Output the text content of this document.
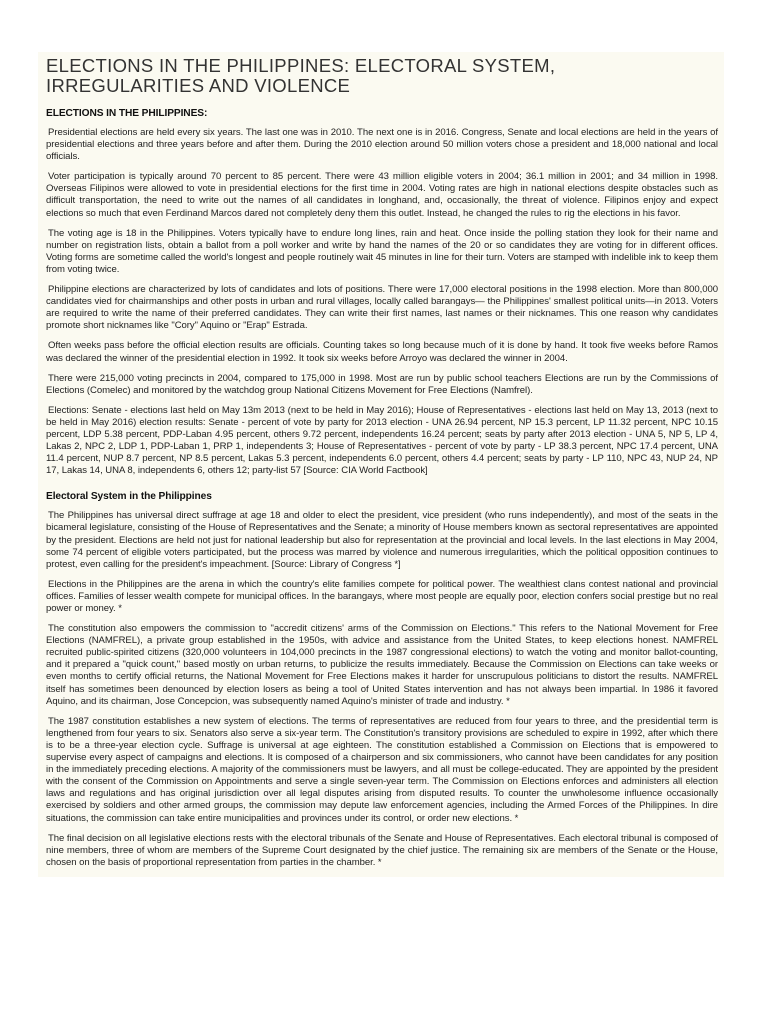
ELECTIONS IN THE PHILIPPINES: ELECTORAL SYSTEM, IRREGULARITIES AND VIOLENCE

ELECTIONS IN THE PHILIPPINES:

Presidential elections are held every six years. The last one was in 2010. The next one is in 2016. Congress, Senate and local elections are held in the years of presidential elections and three years before and after them. During the 2010 election around 50 million voters chose a president and 18,000 national and local officials.

Voter participation is typically around 70 percent to 85 percent. There were 43 million eligible voters in 2004; 36.1 million in 2001; and 34 million in 1998. Overseas Filipinos were allowed to vote in presidential elections for the first time in 2004. Voting rates are high in national elections despite obstacles such as difficult transportation, the need to write out the names of all candidates in longhand, and, occasionally, the threat of violence. Filipinos enjoy and expect elections so much that even Ferdinand Marcos dared not completely deny them this outlet. Instead, he changed the rules to rig the elections in his favor.

The voting age is 18 in the Philippines. Voters typically have to endure long lines, rain and heat. Once inside the polling station they look for their name and number on registration lists, obtain a ballot from a poll worker and write by hand the names of the 20 or so candidates they are voting for in different offices. Voting forms are sometime called the world's longest and people routinely wait 45 minutes in line for their turn. Voters are stamped with indelible ink to keep them from voting twice.

Philippine elections are characterized by lots of candidates and lots of positions. There were 17,000 electoral positions in the 1998 election. More than 800,000 candidates vied for chairmanships and other posts in urban and rural villages, locally called barangays— the Philippines' smallest political units—in 2013. Voters are required to write the name of their preferred candidates. They can write their first names, last names or their nicknames. This one reason why candidates promote short nicknames like "Cory" Aquino or "Erap" Estrada.

Often weeks pass before the official election results are officials. Counting takes so long because much of it is done by hand. It took five weeks before Ramos was declared the winner of the presidential election in 1992. It took six weeks before Arroyo was declared the winner in 2004.

There were 215,000 voting precincts in 2004, compared to 175,000 in 1998. Most are run by public school teachers Elections are run by the Commissions of Elections (Comelec) and monitored by the watchdog group National Citizens Movement for Free Elections (Namfrel).

Elections: Senate - elections last held on May 13m 2013 (next to be held in May 2016); House of Representatives - elections last held on May 13, 2013 (next to be held in May 2016) election results: Senate - percent of vote by party for 2013 election - UNA 26.94 percent, NP 15.3 percent, LP 11.32 percent, NPC 10.15 percent, LDP 5.38 percent, PDP-Laban 4.95 percent, others 9.72 percent, independents 16.24 percent; seats by party after 2013 election - UNA 5, NP 5, LP 4, Lakas 2, NPC 2, LDP 1, PDP-Laban 1, PRP 1, independents 3; House of Representatives - percent of vote by party - LP 38.3 percent, NPC 17.4 percent, UNA 11.4 percent, NUP 8.7 percent, NP 8.5 percent, Lakas 5.3 percent, independents 6.0 percent, others 4.4 percent; seats by party - LP 110, NPC 43, NUP 24, NP 17, Lakas 14, UNA 8, independents 6, others 12; party-list 57 [Source: CIA World Factbook]

Electoral System in the Philippines

The Philippines has universal direct suffrage at age 18 and older to elect the president, vice president (who runs independently), and most of the seats in the bicameral legislature, consisting of the House of Representatives and the Senate; a minority of House members known as sectoral representatives are appointed by the president. Elections are held not just for national leadership but also for representation at the provincial and local levels. In the last elections in May 2004, some 74 percent of eligible voters participated, but the process was marred by violence and numerous irregularities, which the political opposition continues to protest, even calling for the president's impeachment. [Source: Library of Congress *]

Elections in the Philippines are the arena in which the country's elite families compete for political power. The wealthiest clans contest national and provincial offices. Families of lesser wealth compete for municipal offices. In the barangays, where most people are equally poor, election confers social prestige but no real power or money. *

The constitution also empowers the commission to "accredit citizens' arms of the Commission on Elections." This refers to the National Movement for Free Elections (NAMFREL), a private group established in the 1950s, with advice and assistance from the United States, to keep elections honest. NAMFREL recruited public-spirited citizens (320,000 volunteers in 104,000 precincts in the 1987 congressional elections) to watch the voting and monitor ballot-counting, and it prepared a "quick count," based mostly on urban returns, to publicize the results immediately. Because the Commission on Elections can take weeks or even months to certify official returns, the National Movement for Free Elections makes it harder for unscrupulous politicians to distort the results. NAMFREL itself has sometimes been denounced by election losers as being a tool of United States intervention and has not always been impartial. In 1986 it favored Aquino, and its chairman, Jose Concepcion, was subsequently named Aquino's minister of trade and industry. *

The 1987 constitution establishes a new system of elections. The terms of representatives are reduced from four years to three, and the presidential term is lengthened from four years to six. Senators also serve a six-year term. The Constitution's transitory provisions are scheduled to expire in 1992, after which there is to be a three-year election cycle. Suffrage is universal at age eighteen. The constitution established a Commission on Elections that is empowered to supervise every aspect of campaigns and elections. It is composed of a chairperson and six commissioners, who cannot have been candidates for any position in the immediately preceding elections. A majority of the commissioners must be lawyers, and all must be college-educated. They are appointed by the president with the consent of the Commission on Appointments and serve a single seven-year term. The Commission on Elections enforces and administers all election laws and regulations and has original jurisdiction over all legal disputes arising from disputed results. To counter the unwholesome influence occasionally exercised by soldiers and other armed groups, the commission may depute law enforcement agencies, including the Armed Forces of the Philippines. In dire situations, the commission can take entire municipalities and provinces under its control, or order new elections. *

The final decision on all legislative elections rests with the electoral tribunals of the Senate and House of Representatives. Each electoral tribunal is composed of nine members, three of whom are members of the Supreme Court designated by the chief justice. The remaining six are members of the Senate or the House, chosen on the basis of proportional representation from parties in the chamber. *
